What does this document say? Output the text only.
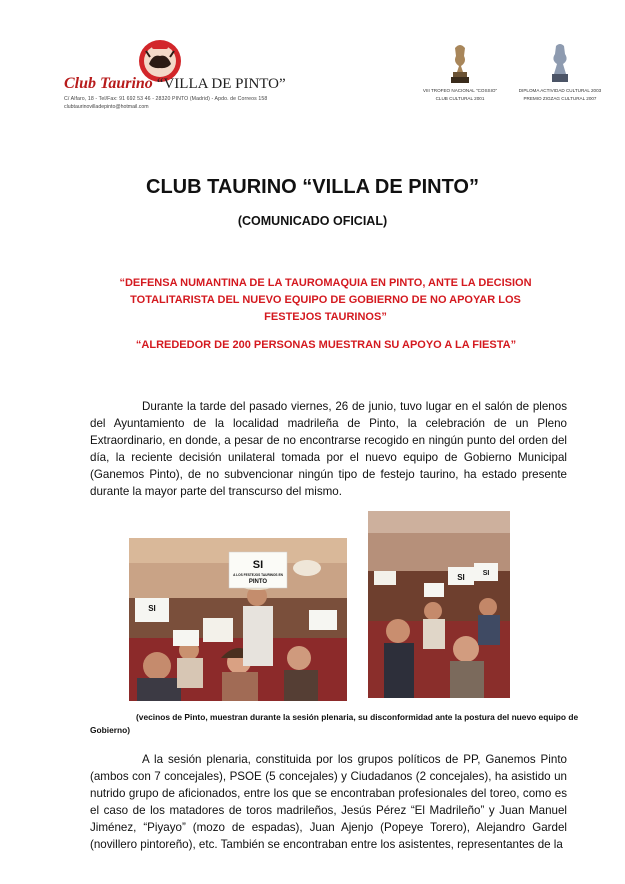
Club Taurino “VILLA DE PINTO”
C/ Alfaro, 18 - Tel/Fax: 91 692 53 46 - 28320 PINTO (Madrid) - Apdo. de Correos 158
clubtaurinovilladepinto@hotmail.com
VIII TROFEO NACIONAL "COSSIO"
CLUB CULTURAL 2001
DIPLOMA ACTIVIDAD CULTURAL 2003
PREMIO ZIGZAG CULTURAL 2007
CLUB TAURINO “VILLA DE PINTO”
(COMUNICADO OFICIAL)
“DEFENSA NUMANTINA DE LA TAUROMAQUIA EN PINTO, ANTE LA DECISION TOTALITARISTA DEL NUEVO EQUIPO DE GOBIERNO DE NO APOYAR LOS FESTEJOS TAURINOS”
“ALREDEDOR DE 200 PERSONAS MUESTRAN SU APOYO A LA FIESTA”
Durante la tarde del pasado viernes, 26 de junio, tuvo lugar en el salón de plenos del Ayuntamiento de la localidad madrileña de Pinto, la celebración de un Pleno Extraordinario, en donde, a pesar de no encontrarse recogido en ningún punto del orden del día, la reciente decisión unilateral tomada por el nuevo equipo de Gobierno Municipal (Ganemos Pinto), de no subvencionar ningún tipo de festejo taurino, ha estado presente durante la mayor parte del transcurso del mismo.
SI
A LOS FESTEJOS TAURINOS EN
PINTO
SI
SI	SI
(vecinos de Pinto, muestran durante la sesión plenaria, su disconformidad ante la postura del nuevo equipo de Gobierno)
A la sesión plenaria, constituida por los grupos políticos de PP, Ganemos Pinto (ambos con 7 concejales), PSOE (5 concejales) y Ciudadanos (2 concejales), ha asistido un nutrido grupo de aficionados, entre los que se encontraban profesionales del toreo, como es el caso de los matadores de toros madrileños, Jesús Pérez “El Madrileño” y Juan Manuel Jiménez, “Piyayo” (mozo de espadas), Juan Ajenjo (Popeye Torero), Alejandro Gardel (novillero pintoreño), etc. También se encontraban entre los asistentes, representantes de la
